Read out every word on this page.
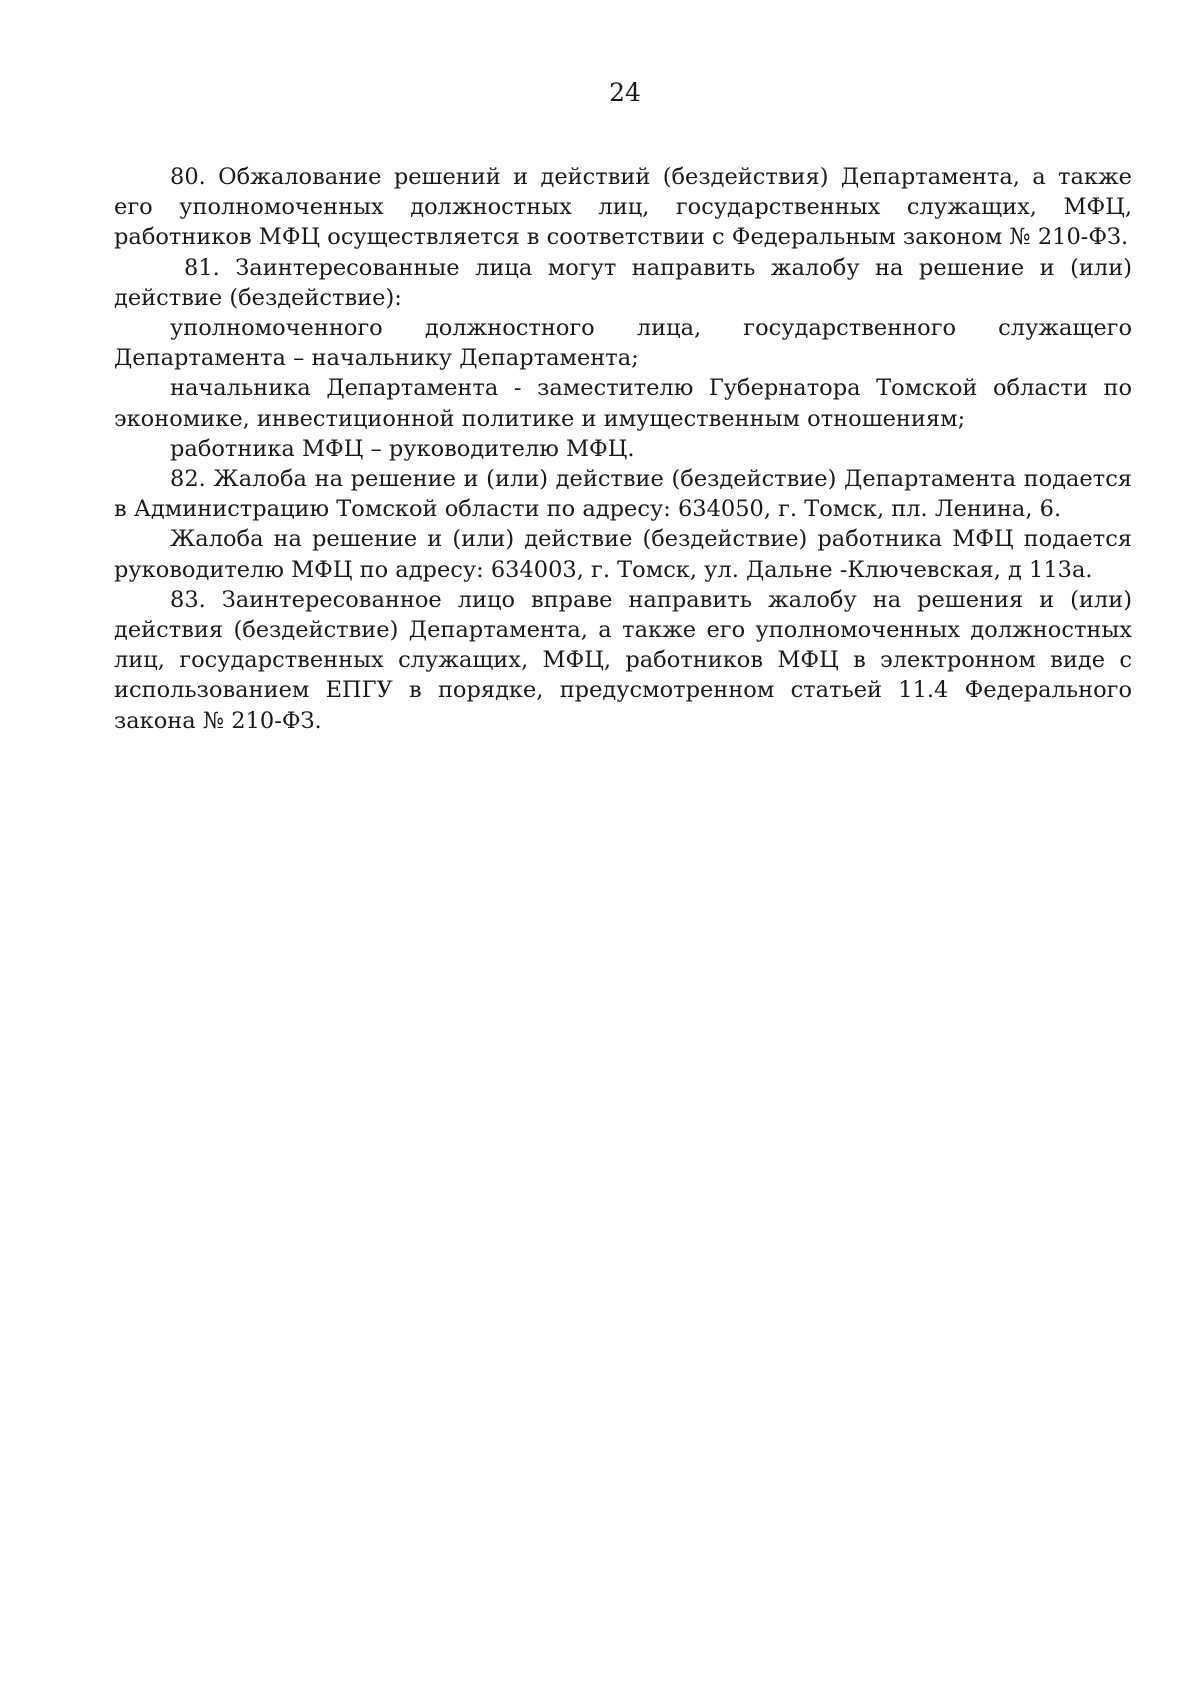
24

80. Обжалование решений и действий (бездействия) Департамента, а также его уполномоченных должностных лиц, государственных служащих, МФЦ, работников МФЦ осуществляется в соответствии с Федеральным законом № 210-ФЗ.

81. Заинтересованные лица могут направить жалобу на решение и (или) действие (бездействие):

уполномоченного должностного лица, государственного служащего Департамента – начальнику Департамента;

начальника Департамента - заместителю Губернатора Томской области по экономике, инвестиционной политике и имущественным отношениям;

работника МФЦ – руководителю МФЦ.

82. Жалоба на решение и (или) действие (бездействие) Департамента подается в Администрацию Томской области по адресу: 634050, г. Томск, пл. Ленина, 6.

Жалоба на решение и (или) действие (бездействие) работника МФЦ подается руководителю МФЦ по адресу: 634003, г. Томск, ул. Дальне -Ключевская, д 113а.

83. Заинтересованное лицо вправе направить жалобу на решения и (или) действия (бездействие) Департамента, а также его уполномоченных должностных лиц, государственных служащих, МФЦ, работников МФЦ в электронном виде с использованием ЕПГУ в порядке, предусмотренном статьей 11.4 Федерального закона № 210-ФЗ.
